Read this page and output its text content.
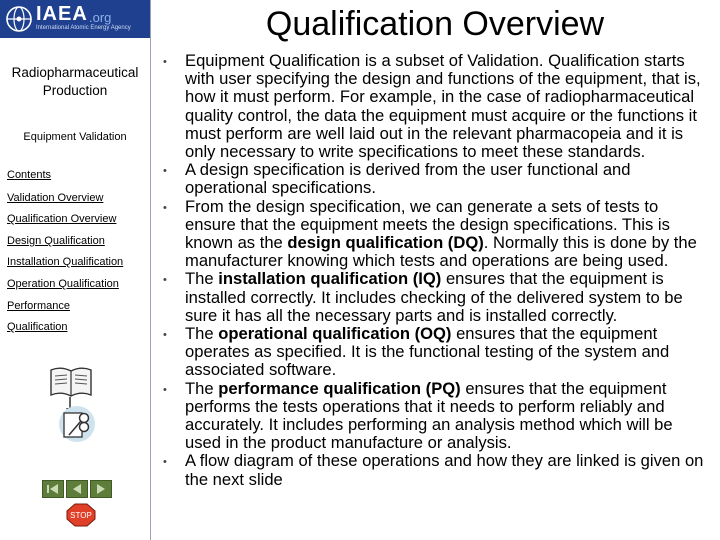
IAEA .org
International Atomic Energy Agency
Radiopharmaceutical Production
Equipment Validation
Contents
Validation Overview
Qualification Overview
Design Qualification
Installation Qualification
Operation Qualification
Performance
Qualification
STOP
Qualification Overview
• Equipment Qualification is a subset of Validation. Qualification starts with user specifying the design and functions of the equipment, that is, how it must perform. For example, in the case of radiopharmaceutical quality control, the data the equipment must acquire or the functions it must perform are well laid out in the relevant pharmacopeia and it is only necessary to write specifications to meet these standards.
• A design specification is derived from the user functional and operational specifications.
• From the design specification, we can generate a sets of tests to ensure that the equipment meets the design specifications. This is known as the design qualification (DQ). Normally this is done by the manufacturer knowing which tests and operations are being used.
• The installation qualification (IQ) ensures that the equipment is installed correctly. It includes checking of the delivered system to be sure it has all the necessary parts and is installed correctly.
• The operational qualification (OQ) ensures that the equipment operates as specified. It is the functional testing of the system and associated software.
• The performance qualification (PQ) ensures that the equipment performs the tests operations that it needs to perform reliably and accurately. It includes performing an analysis method which will be used in the product manufacture or analysis.
• A flow diagram of these operations and how they are linked is given on the next slide
